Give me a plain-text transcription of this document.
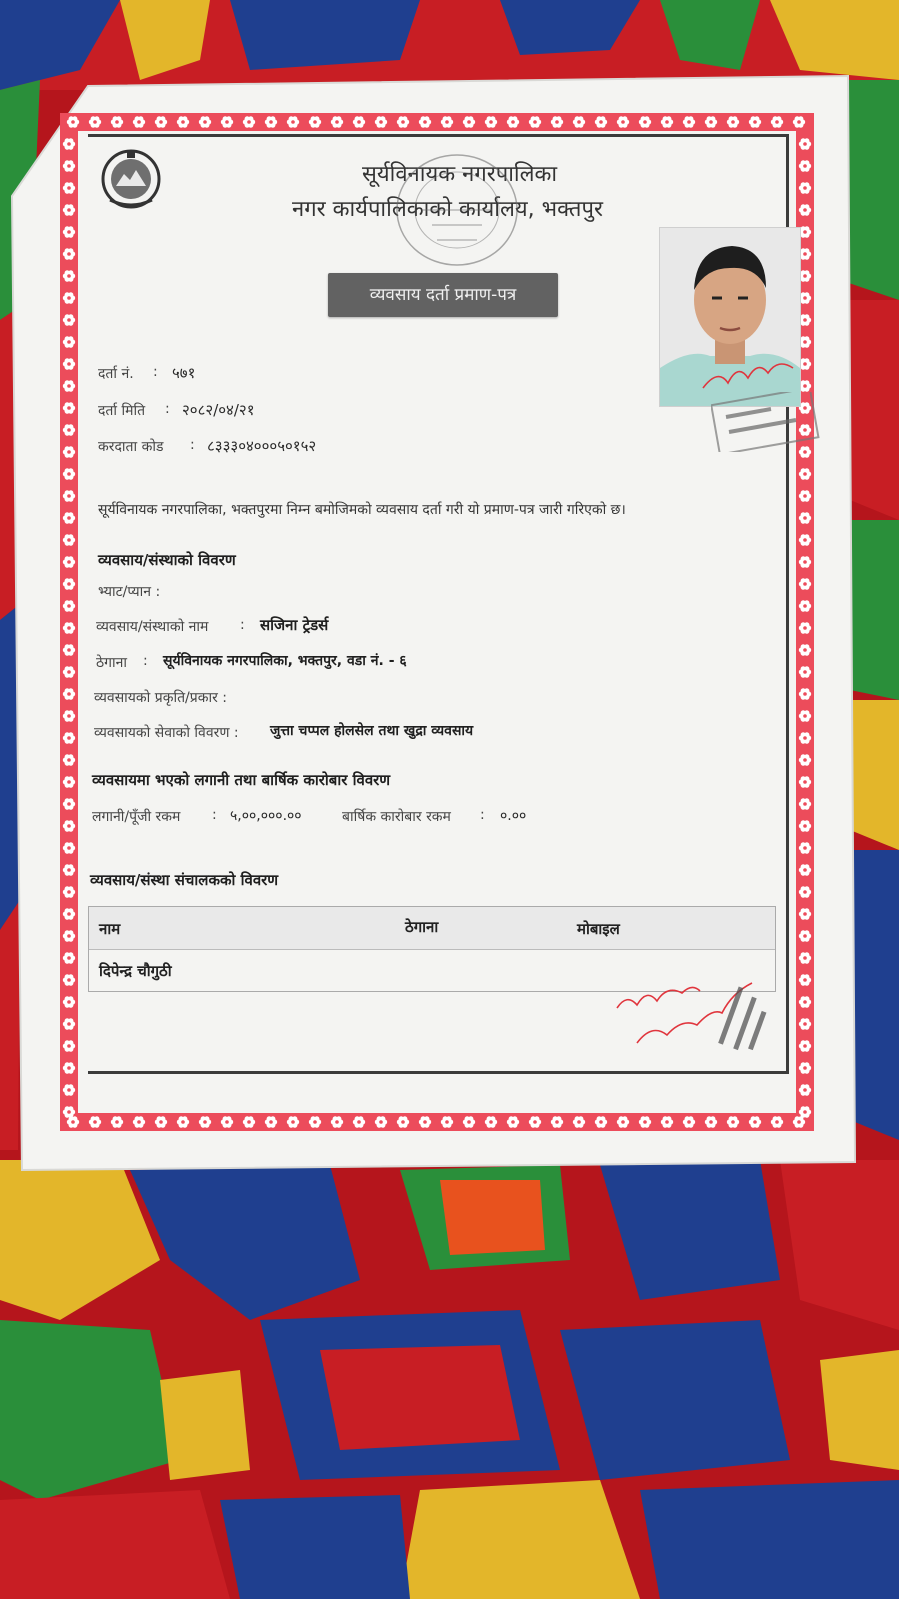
सूर्यविनायक नगरपालिका
नगर कार्यपालिकाको कार्यालय, भक्तपुर
व्यवसाय दर्ता प्रमाण-पत्र
दर्ता नं. : ५७१
दर्ता मिति : २०८२/०४/२१
करदाता कोड : ८३३३०४०००५०१५२
सूर्यविनायक नगरपालिका, भक्तपुरमा निम्न बमोजिमको व्यवसाय दर्ता गरी यो प्रमाण-पत्र जारी गरिएको छ।
व्यवसाय/संस्थाको विवरण
भ्याट/प्यान :
व्यवसाय/संस्थाको नाम : सजिना ट्रेडर्स
ठेगाना : सूर्यविनायक नगरपालिका, भक्तपुर, वडा नं. - ६
व्यवसायको प्रकृति/प्रकार :
व्यवसायको सेवाको विवरण : जुत्ता चप्पल होलसेल तथा खुद्रा व्यवसाय
व्यवसायमा भएको लगानी तथा बार्षिक कारोबार विवरण
लगानी/पूँजी रकम : ५,००,०००.००	बार्षिक कारोबार रकम : ०.००
व्यवसाय/संस्था संचालकको विवरण
नाम	ठेगाना	मोबाइल
दिपेन्द्र चौगुठी
